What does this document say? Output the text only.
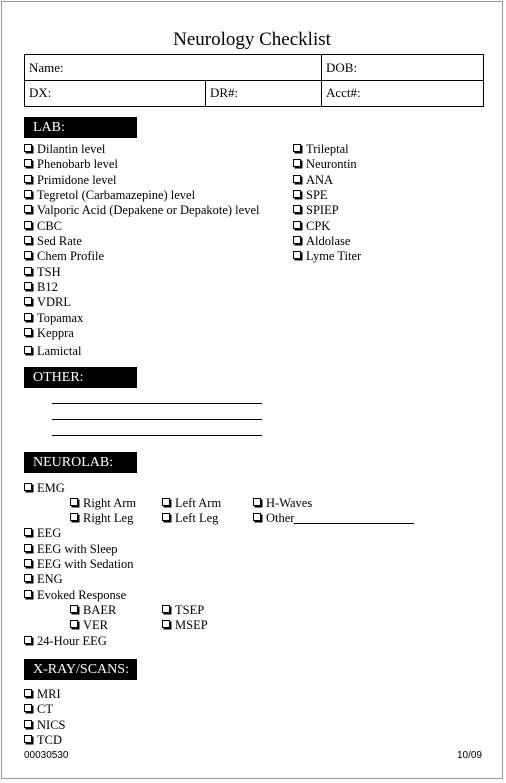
Neurology Checklist
Name:	DOB:
DX:	DR#:	Acct#:
LAB:
Dilantin level
Phenobarb level
Primidone level
Tegretol (Carbamazepine) level
Valporic Acid (Depakene or Depakote) level
CBC
Sed Rate
Chem Profile
TSH
B12
VDRL
Topamax
Keppra
Lamictal
Trileptal
Neurontin
ANA
SPE
SPIEP
CPK
Aldolase
Lyme Titer
OTHER:
NEUROLAB:
EMG
Right Arm	Left Arm	H-Waves
Right Leg	Left Leg	Other
EEG
EEG with Sleep
EEG with Sedation
ENG
Evoked Response
BAER	TSEP
VER	MSEP
24-Hour EEG
X-RAY/SCANS:
MRI
CT
NICS
TCD
00030530	10/09
